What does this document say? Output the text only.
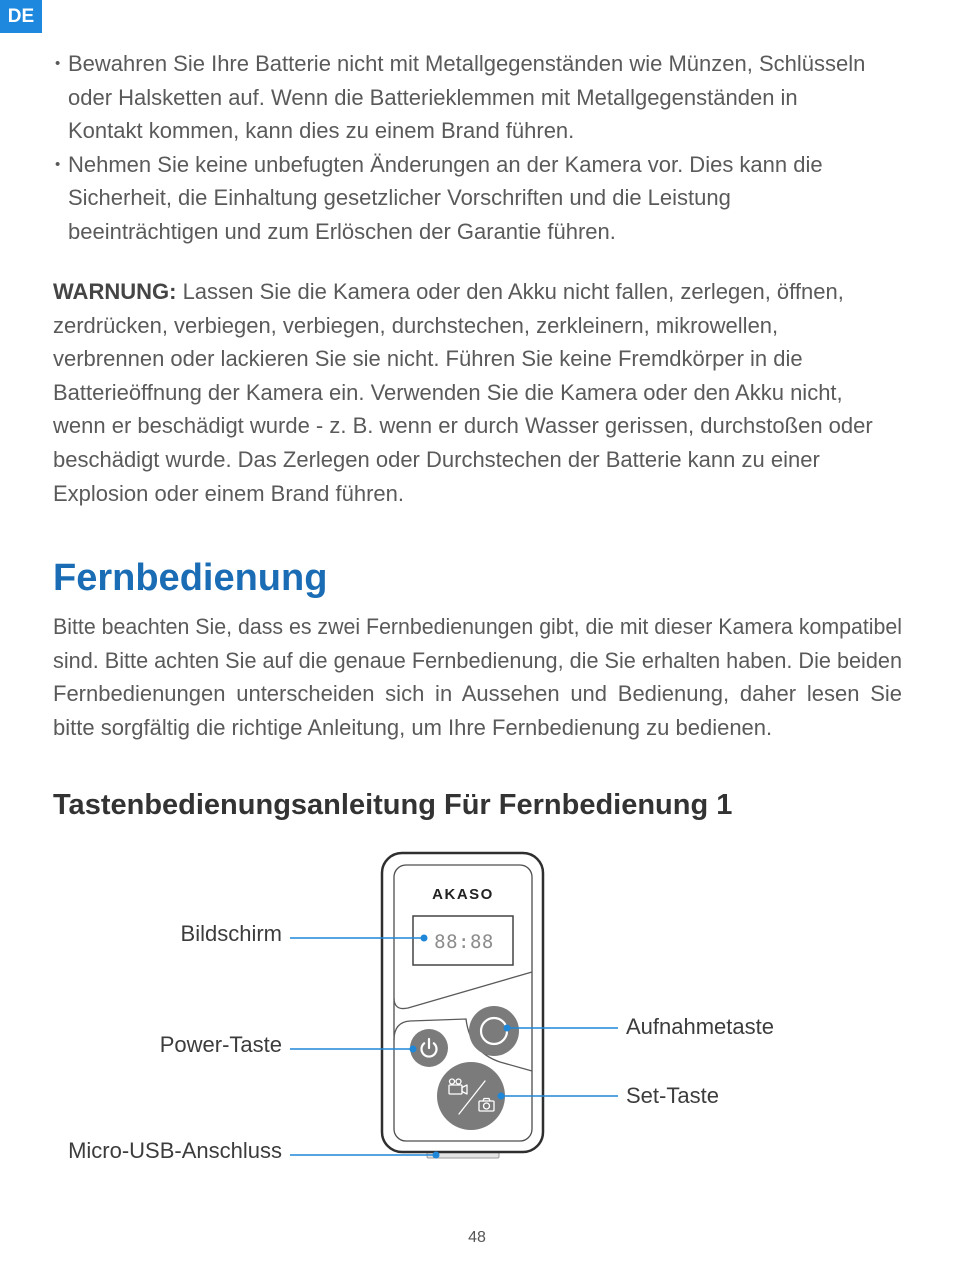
DE
• Bewahren Sie Ihre Batterie nicht mit Metallgegenständen wie Münzen, Schlüsseln
oder Halsketten auf. Wenn die Batterieklemmen mit Metallgegenständen in
Kontakt kommen, kann dies zu einem Brand führen.
• Nehmen Sie keine unbefugten Änderungen an der Kamera vor. Dies kann die
Sicherheit, die Einhaltung gesetzlicher Vorschriften und die Leistung
beeinträchtigen und zum Erlöschen der Garantie führen.
WARNUNG: Lassen Sie die Kamera oder den Akku nicht fallen, zerlegen, öffnen,
zerdrücken, verbiegen, verbiegen, durchstechen, zerkleinern, mikrowellen,
verbrennen oder lackieren Sie sie nicht. Führen Sie keine Fremdkörper in die
Batterieöffnung der Kamera ein. Verwenden Sie die Kamera oder den Akku nicht,
wenn er beschädigt wurde - z. B. wenn er durch Wasser gerissen, durchstoßen oder
beschädigt wurde. Das Zerlegen oder Durchstechen der Batterie kann zu einer
Explosion oder einem Brand führen.
Fernbedienung
Bitte beachten Sie, dass es zwei Fernbedienungen gibt, die mit dieser Kamera kompatibel
sind. Bitte achten Sie auf die genaue Fernbedienung, die Sie erhalten haben. Die beiden
Fernbedienungen unterscheiden sich in Aussehen und Bedienung, daher lesen Sie
bitte sorgfältig die richtige Anleitung, um Ihre Fernbedienung zu bedienen.
Tastenbedienungsanleitung Für Fernbedienung 1
AKASO
88:88
Bildschirm
Power-Taste
Micro-USB-Anschluss
Aufnahmetaste
Set-Taste
48
